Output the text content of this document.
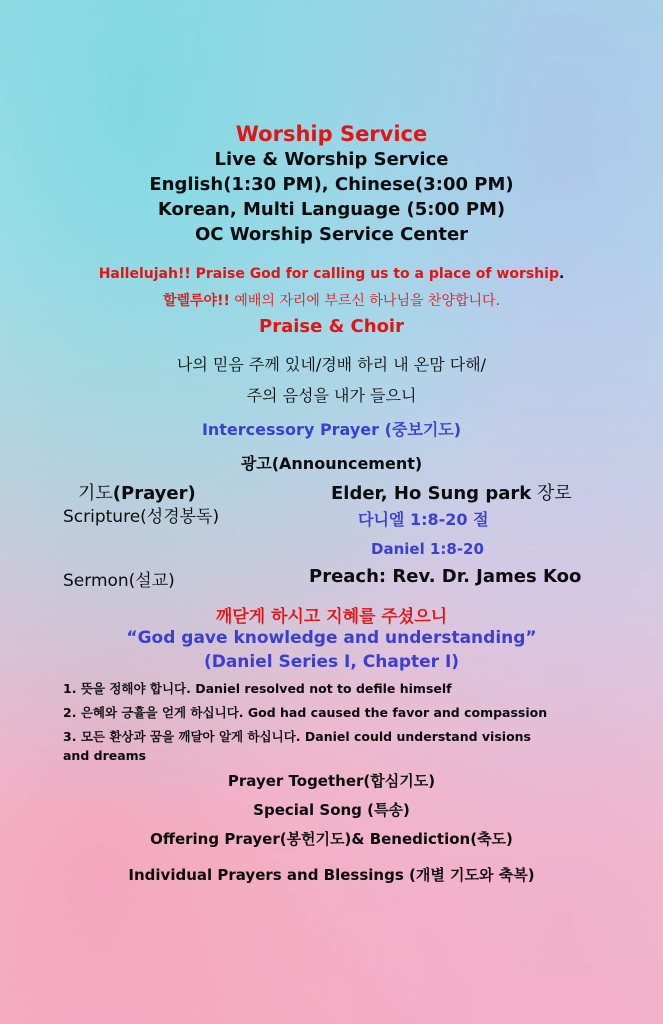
Worship Service
Live & Worship Service
English(1:30 PM), Chinese(3:00 PM)
Korean, Multi Language (5:00 PM)
OC Worship Service Center
Hallelujah!! Praise God for calling us to a place of worship.
할렐루야!! 예배의 자리에 부르신 하나님을 찬양합니다.
Praise & Choir
나의 믿음 주께 있네/경배 하리 내 온맘 다해/
주의 음성을 내가 들으니
Intercessory Prayer (중보기도)
광고(Announcement)
기도(Prayer)	Elder, Ho Sung park 장로
Scripture(성경봉독)	다니엘 1:8-20 절
Daniel 1:8-20
Sermon(설교)	Preach: Rev. Dr. James Koo
깨닫게 하시고 지혜를 주셨으니
“God gave knowledge and understanding”
(Daniel Series I, Chapter I)
1. 뜻을 정해야 합니다. Daniel resolved not to defile himself
2. 은혜와 긍휼을 얻게 하십니다. God had caused the favor and compassion
3. 모든 환상과 꿈을 깨달아 알게 하십니다. Daniel could understand visions
and dreams
Prayer Together(합심기도)
Special Song (특송)
Offering Prayer(봉헌기도)& Benediction(축도)
Individual Prayers and Blessings (개별 기도와 축복)
